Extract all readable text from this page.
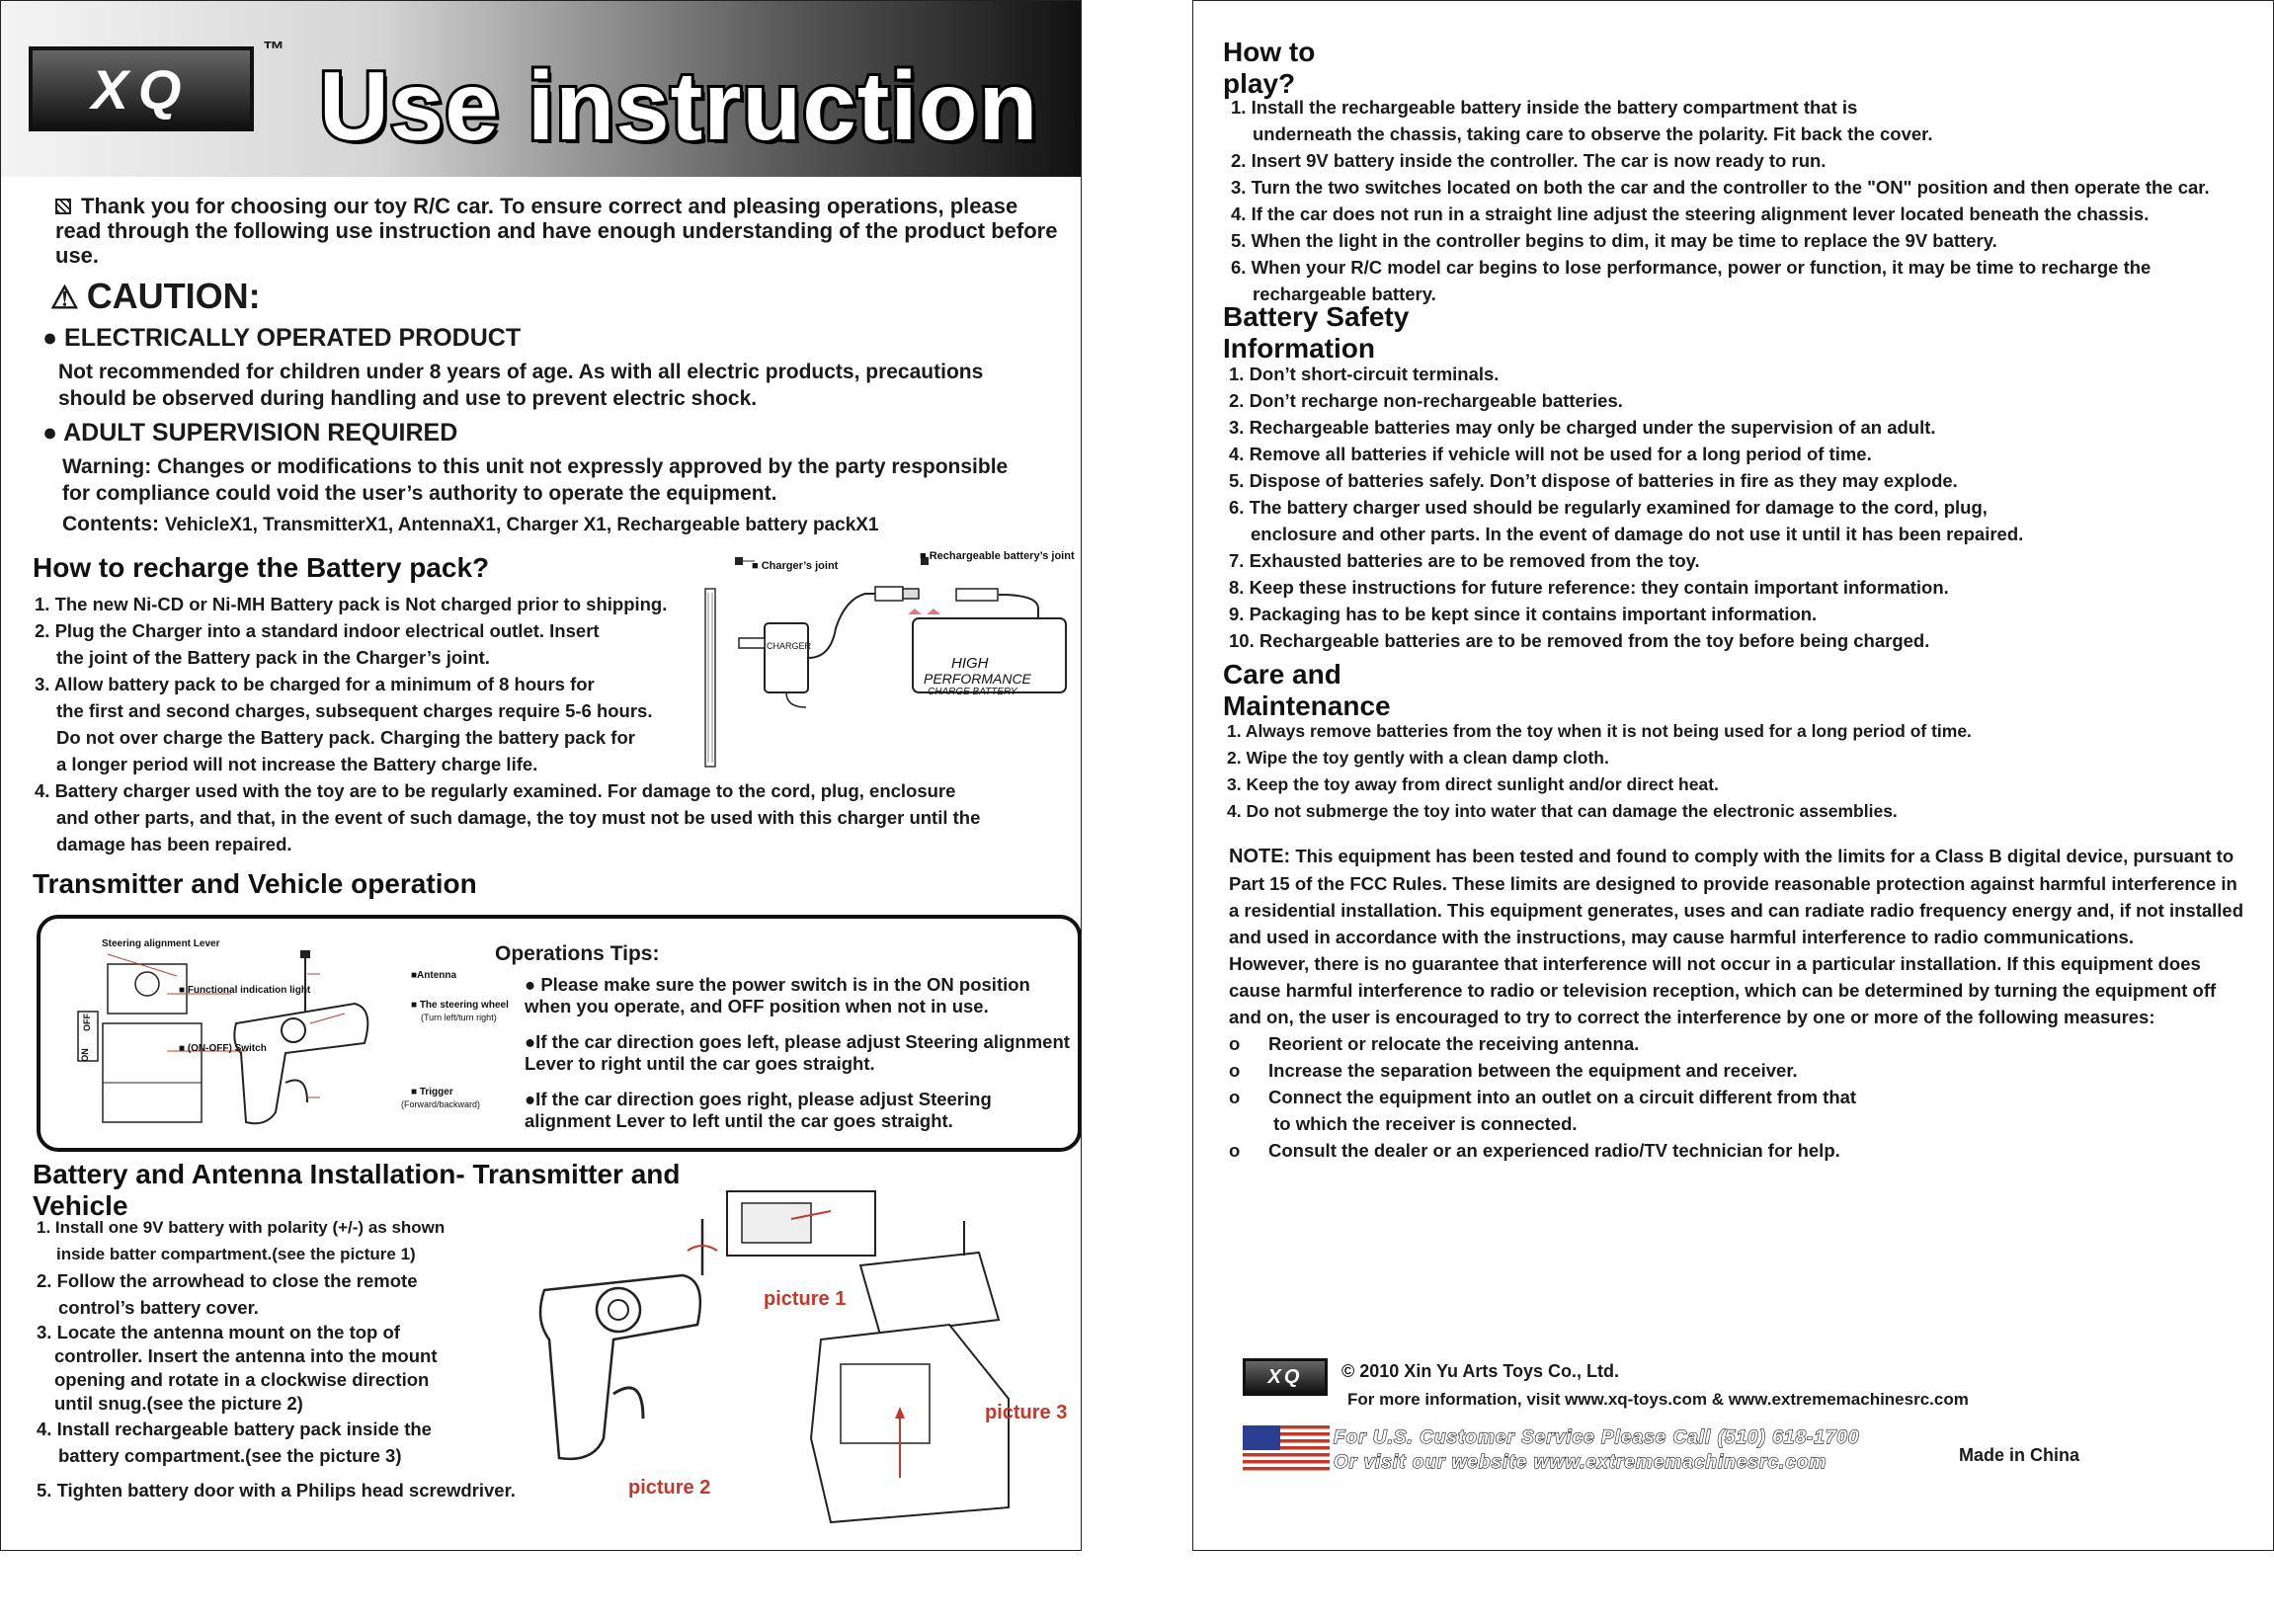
XQ
™
Use instruction
Thank you for choosing our toy R/C car. To ensure correct and pleasing operations, please read through the following use instruction and have enough understanding of the product before use.
⚠ CAUTION:
● ELECTRICALLY OPERATED PRODUCT
Not recommended for children under 8 years of age. As with all electric products, precautions should be observed during handling and use to prevent electric shock.
● ADULT SUPERVISION REQUIRED
Warning: Changes or modifications to this unit not expressly approved by the party responsible for compliance could void the user’s authority to operate the equipment.
Contents: VehicleX1, TransmitterX1, AntennaX1, Charger X1, Rechargeable battery packX1
How to recharge the Battery pack?
1. The new Ni-CD or Ni-MH Battery pack is Not charged prior to shipping.
2. Plug the Charger into a standard indoor electrical outlet. Insert
the joint of the Battery pack in the Charger’s joint.
3. Allow battery pack to be charged for a minimum of 8 hours for
the first and second charges, subsequent charges require 5-6 hours.
Do not over charge the Battery pack. Charging the battery pack for
a longer period will not increase the Battery charge life.
4. Battery charger used with the toy are to be regularly examined. For damage to the cord, plug, enclosure
and other parts, and that, in the event of such damage, the toy must not be used with this charger until the
damage has been repaired.
■ Charger’s joint
■ Rechargeable battery’s joint
CHARGER
HIGH
PERFORMANCE
CHARGE BATTERY
Transmitter and Vehicle operation
Steering alignment Lever
■ Functional indication light
■ (ON-OFF) Switch
■Antenna
■ The steering wheel
(Turn left/turn right)
■ Trigger
(Forward/backward)
ON
OFF
Operations Tips:
● Please make sure the power switch is in the ON position when you operate, and OFF position when not in use.
●If the car direction goes left, please adjust Steering alignment Lever to right until the car goes straight.
●If the car direction goes right, please adjust Steering alignment Lever to left until the car goes straight.
Battery and Antenna Installation- Transmitter and Vehicle
1. Install one 9V battery with polarity (+/-) as shown
inside batter compartment.(see the picture 1)
2. Follow the arrowhead to close the remote
control’s battery cover.
3. Locate the antenna mount on the top of
controller. Insert the antenna into the mount
opening and rotate in a clockwise direction
until snug.(see the picture 2)
4. Install rechargeable battery pack inside the
battery compartment.(see the picture 3)
5. Tighten battery door with a Philips head screwdriver.
picture 1
picture 2
picture 3
How to play?
1. Install the rechargeable battery inside the battery compartment that is
underneath the chassis, taking care to observe the polarity. Fit back the cover.
2. Insert 9V battery inside the controller. The car is now ready to run.
3. Turn the two switches located on both the car and the controller to the "ON" position and then operate the car.
4. If the car does not run in a straight line adjust the steering alignment lever located beneath the chassis.
5. When the light in the controller begins to dim, it may be time to replace the 9V battery.
6. When your R/C model car begins to lose performance, power or function, it may be time to recharge the
rechargeable battery.
Battery Safety Information
1. Don’t short-circuit terminals.
2. Don’t recharge non-rechargeable batteries.
3. Rechargeable batteries may only be charged under the supervision of an adult.
4. Remove all batteries if vehicle will not be used for a long period of time.
5. Dispose of batteries safely. Don’t dispose of batteries in fire as they may explode.
6. The battery charger used should be regularly examined for damage to the cord, plug,
enclosure and other parts. In the event of damage do not use it until it has been repaired.
7. Exhausted batteries are to be removed from the toy.
8. Keep these instructions for future reference: they contain important information.
9. Packaging has to be kept since it contains important information.
10. Rechargeable batteries are to be removed from the toy before being charged.
Care and Maintenance
1. Always remove batteries from the toy when it is not being used for a long period of time.
2. Wipe the toy gently with a clean damp cloth.
3. Keep the toy away from direct sunlight and/or direct heat.
4. Do not submerge the toy into water that can damage the electronic assemblies.

NOTE: This equipment has been tested and found to comply with the limits for a Class B digital device, pursuant to Part 15 of the FCC Rules. These limits are designed to provide reasonable protection against harmful interference in a residential installation. This equipment generates, uses and can radiate radio frequency energy and, if not installed and used in accordance with the instructions, may cause harmful interference to radio communications.

However, there is no guarantee that interference will not occur in a particular installation. If this equipment does cause harmful interference to radio or television reception, which can be determined by turning the equipment off and on, the user is encouraged to try to correct the interference by one or more of the following measures:

o	Reorient or relocate the receiving antenna.

o	Increase the separation between the equipment and receiver.

o	Connect the equipment into an outlet on a circuit different from that

to which the receiver is connected.

o	Consult the dealer or an experienced radio/TV technician for help.

XQ	© 2010 Xin Yu Arts Toys Co., Ltd.
For more information, visit www.xq-toys.com & www.extrememachinesrc.com
For U.S. Customer Service Please Call (510) 618-1700
Or visit our website www.extrememachinesrc.com	Made in China
